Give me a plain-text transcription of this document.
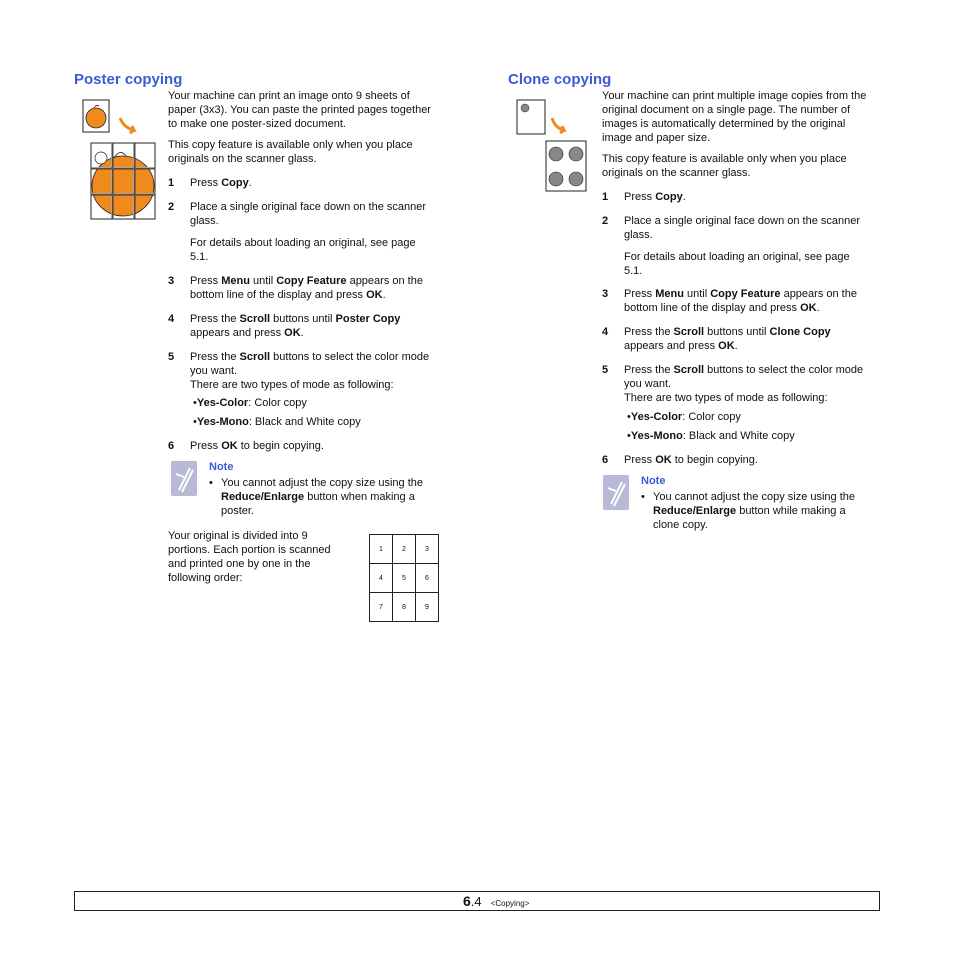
Poster copying

Your machine can print an image onto 9 sheets of

paper (3x3). You can paste the printed pages together

to make one poster-sized document.

This copy feature is available only when you place

originals on the scanner glass.

1 Press Copy.
2 Place a single original face down on the scanner
glass.

For details about loading an original, see page

5.1.

3 Press Menu until Copy Feature appears on the
bottom line of the display and press OK.
4 Press the Scroll buttons until Poster Copy
appears and press OK.
5 Press the Scroll buttons to select the color mode
you want.
There are two types of mode as following:

•Yes-Color: Color copy

•Yes-Mono: Black and White copy

6 Press OK to begin copying.

Note

• You cannot adjust the copy size using the
Reduce/Enlarge button when making a
poster.

Your original is divided into 9

portions. Each portion is scanned

and printed one by one in the

following order:

1	2	3
4	5	6
7	8	9
Clone copying

Your machine can print multiple image copies from the

original document on a single page. The number of

images is automatically determined by the original

image and paper size.

This copy feature is available only when you place

originals on the scanner glass.

1 Press Copy.
2 Place a single original face down on the scanner
glass.

For details about loading an original, see page

5.1.

3 Press Menu until Copy Feature appears on the
bottom line of the display and press OK.
4 Press the Scroll buttons until Clone Copy
appears and press OK.
5 Press the Scroll buttons to select the color mode
you want.
There are two types of mode as following:

•Yes-Color: Color copy

•Yes-Mono: Black and White copy

6 Press OK to begin copying.

Note

• You cannot adjust the copy size using the
Reduce/Enlarge button while making a
clone copy.
6.4 <Copying>
